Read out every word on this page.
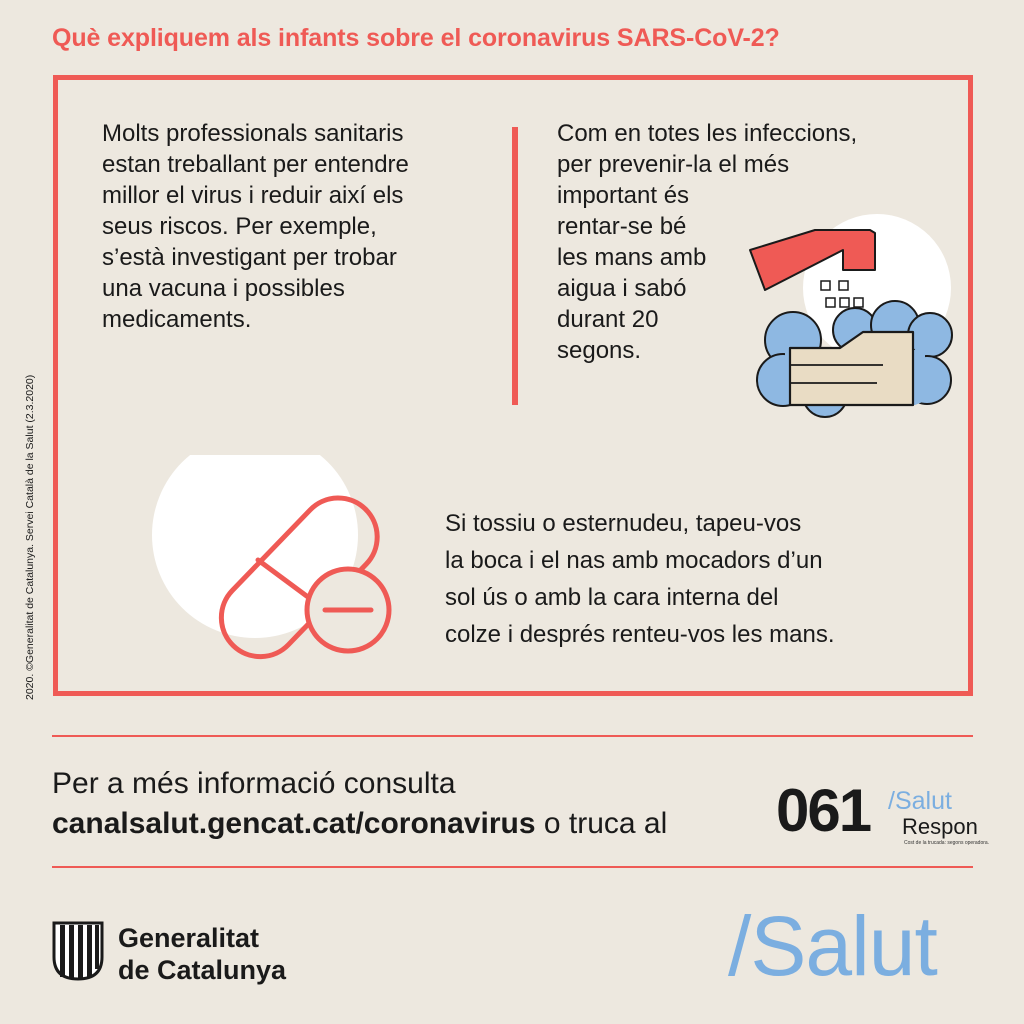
Què expliquem als infants sobre el coronavirus SARS-CoV-2?
2020. ©Generalitat de Catalunya. Servei Català de la Salut (2.3.2020)
Molts professionals sanitaris
estan treballant per entendre
millor el virus i reduir així els
seus riscos. Per exemple,
s’està investigant per trobar
una vacuna i possibles
medicaments.
Com en totes les infeccions,
per prevenir-la el més
important és
rentar-se bé
les mans amb
aigua i sabó
durant 20
segons.
Si tossiu o esternudeu, tapeu-vos
la boca i el nas amb mocadors d’un
sol ús o amb la cara interna del
colze i després renteu-vos les mans.
Per a més informació consulta
canalsalut.gencat.cat/coronavirus o truca al 061 /Salut
Respon
Cost de la trucada: segons operadora.
Generalitat
de Catalunya	/Salut
